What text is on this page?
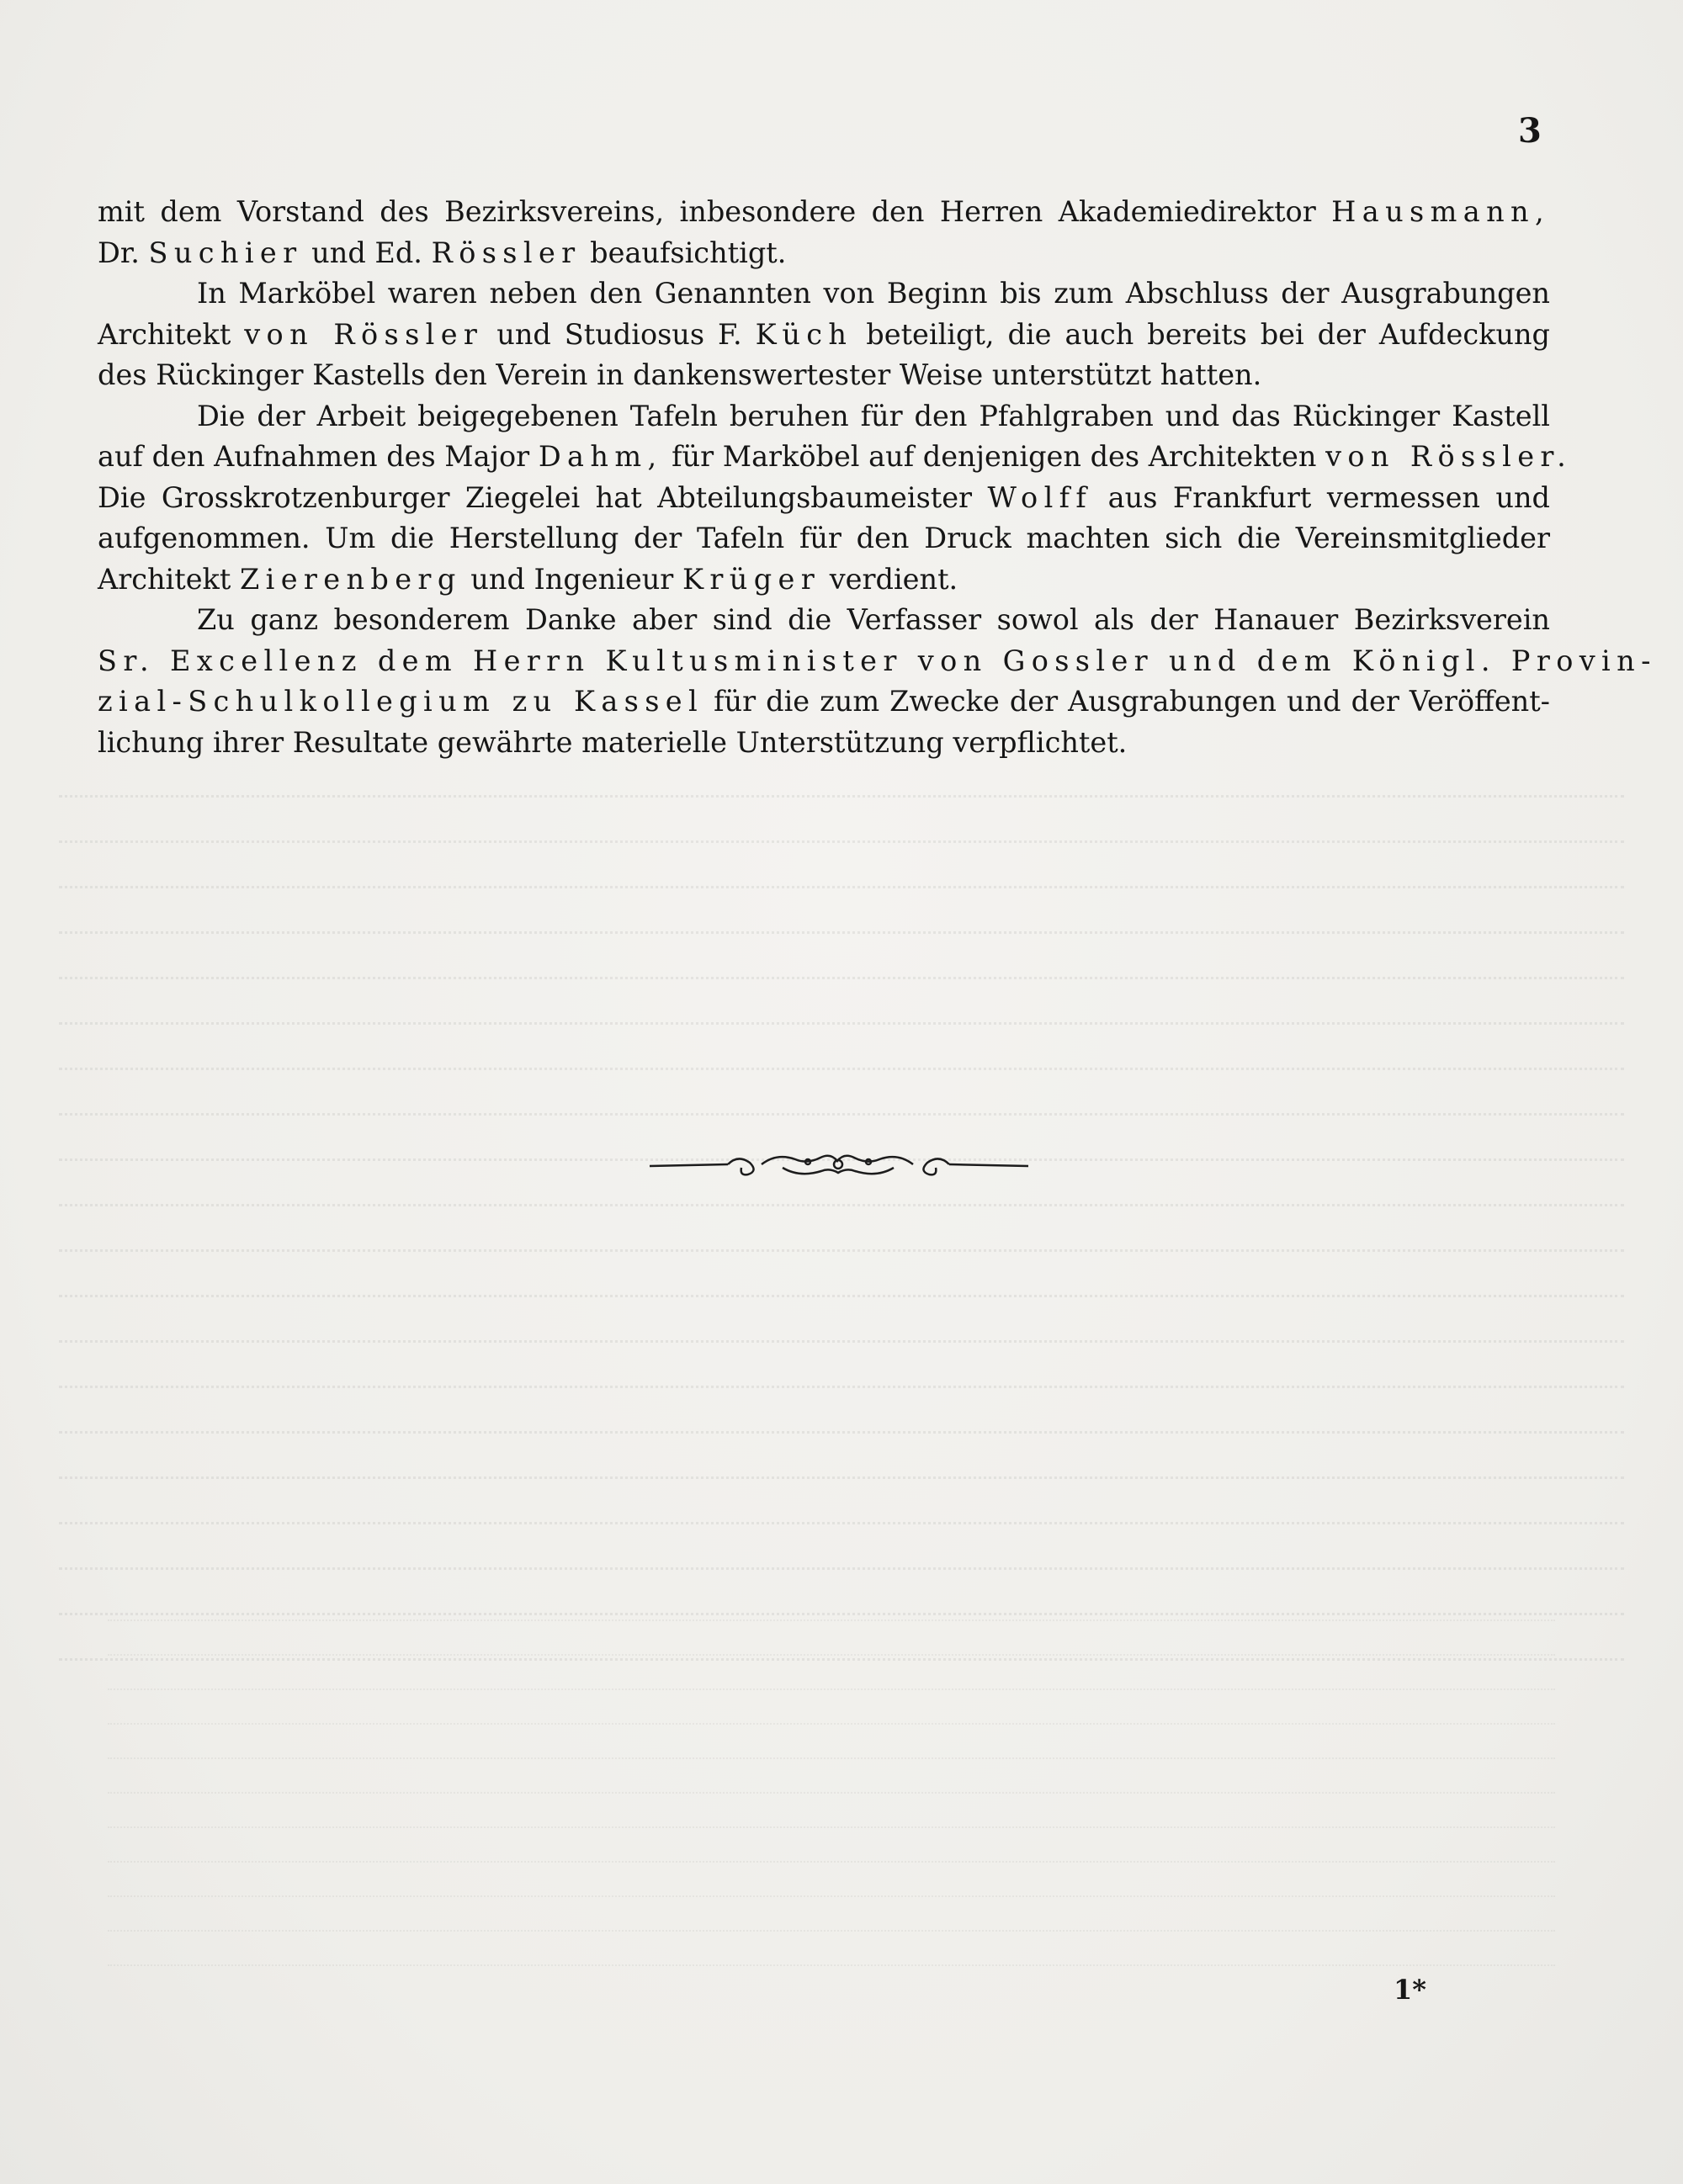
3
mit dem Vorstand des Bezirksvereins, inbesondere den Herren Akademiedirektor Hausmann,
Dr. Suchier und Ed. Rössler beaufsichtigt.
In Marköbel waren neben den Genannten von Beginn bis zum Abschluss der Ausgrabungen
Architekt von Rössler und Studiosus F. Küch beteiligt, die auch bereits bei der Aufdeckung
des Rückinger Kastells den Verein in dankenswertester Weise unterstützt hatten.
Die der Arbeit beigegebenen Tafeln beruhen für den Pfahlgraben und das Rückinger Kastell
auf den Aufnahmen des Major Dahm, für Marköbel auf denjenigen des Architekten von Rössler.
Die Grosskrotzenburger Ziegelei hat Abteilungsbaumeister Wolff aus Frankfurt vermessen und
aufgenommen. Um die Herstellung der Tafeln für den Druck machten sich die Vereinsmitglieder
Architekt Zierenberg und Ingenieur Krüger verdient.
Zu ganz besonderem Danke aber sind die Verfasser sowol als der Hanauer Bezirksverein
Sr. Excellenz dem Herrn Kultusminister von Gossler und dem Königl. Provin-
zial-Schulkollegium zu Kassel für die zum Zwecke der Ausgrabungen und der Veröffent-
lichung ihrer Resultate gewährte materielle Unterstützung verpflichtet.
1*
